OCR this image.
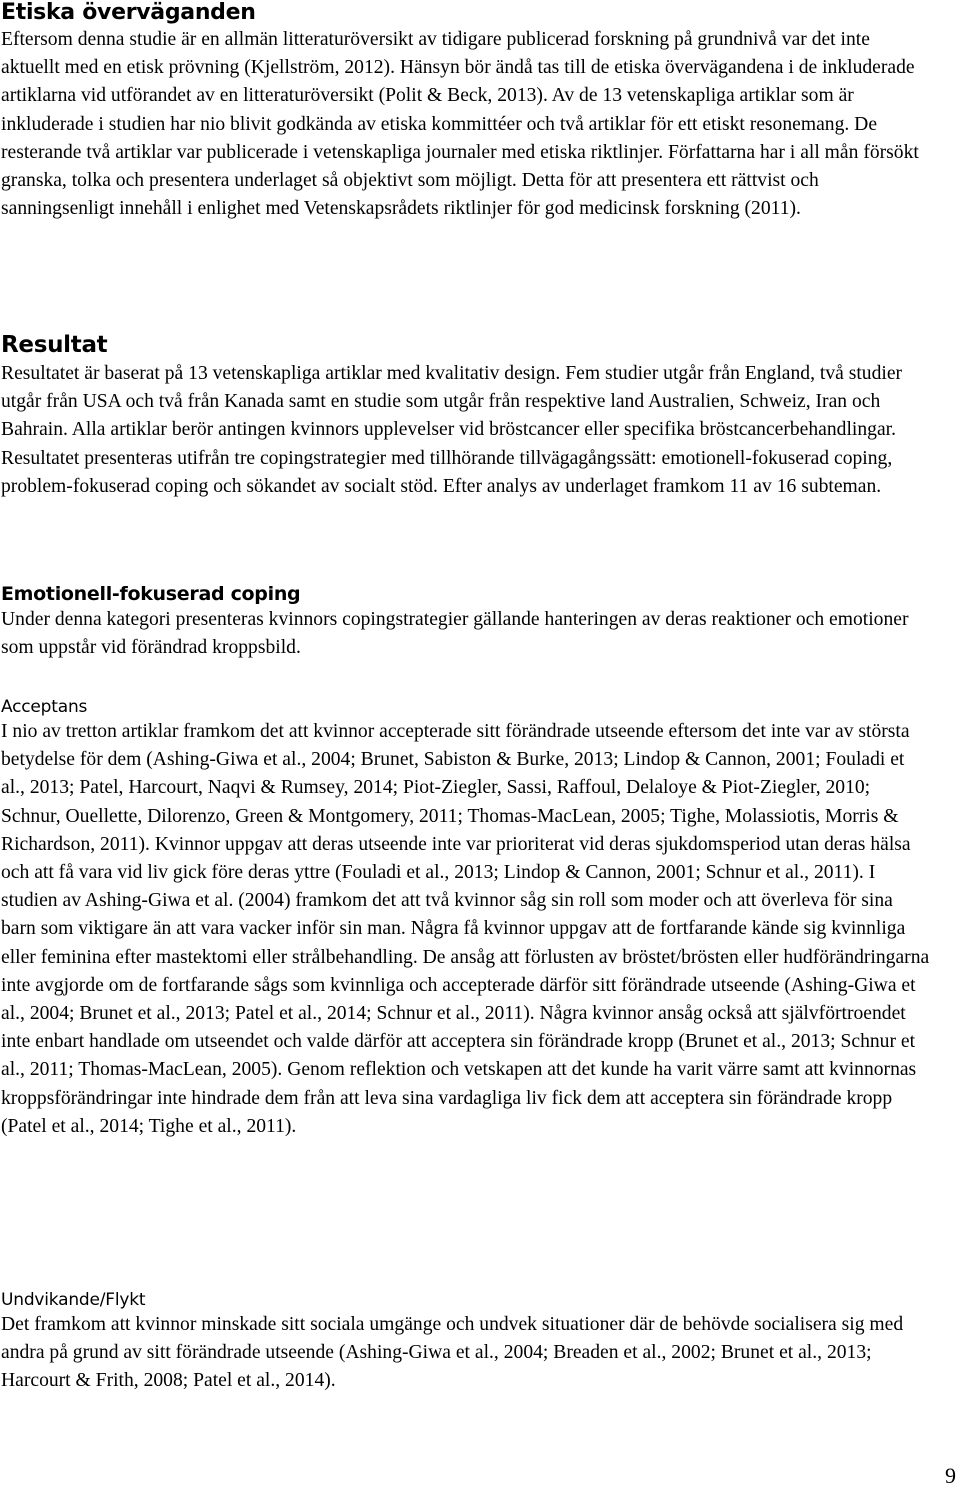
Etiska överväganden

Eftersom denna studie är en allmän litteraturöversikt av tidigare publicerad forskning på grundnivå var det inte aktuellt med en etisk prövning (Kjellström, 2012). Hänsyn bör ändå tas till de etiska övervägandena i de inkluderade artiklarna vid utförandet av en litteraturöversikt (Polit & Beck, 2013). Av de 13 vetenskapliga artiklar som är inkluderade i studien har nio blivit godkända av etiska kommittéer och två artiklar för ett etiskt resonemang. De resterande två artiklar var publicerade i vetenskapliga journaler med etiska riktlinjer. Författarna har i all mån försökt granska, tolka och presentera underlaget så objektivt som möjligt. Detta för att presentera ett rättvist och sanningsenligt innehåll i enlighet med Vetenskapsrådets riktlinjer för god medicinsk forskning (2011).

Resultat

Resultatet är baserat på 13 vetenskapliga artiklar med kvalitativ design. Fem studier utgår från England, två studier utgår från USA och två från Kanada samt en studie som utgår från respektive land Australien, Schweiz, Iran och Bahrain. Alla artiklar berör antingen kvinnors upplevelser vid bröstcancer eller specifika bröstcancerbehandlingar. Resultatet presenteras utifrån tre copingstrategier med tillhörande tillvägagångssätt: emotionell-fokuserad coping, problem-fokuserad coping och sökandet av socialt stöd. Efter analys av underlaget framkom 11 av 16 subteman.

Emotionell-fokuserad coping

Under denna kategori presenteras kvinnors copingstrategier gällande hanteringen av deras reaktioner och emotioner som uppstår vid förändrad kroppsbild.

Acceptans

I nio av tretton artiklar framkom det att kvinnor accepterade sitt förändrade utseende eftersom det inte var av största betydelse för dem (Ashing-Giwa et al., 2004; Brunet, Sabiston & Burke, 2013; Lindop & Cannon, 2001; Fouladi et al., 2013; Patel, Harcourt, Naqvi & Rumsey, 2014; Piot-Ziegler, Sassi, Raffoul, Delaloye & Piot-Ziegler, 2010; Schnur, Ouellette, Dilorenzo, Green & Montgomery, 2011; Thomas-MacLean, 2005; Tighe, Molassiotis, Morris & Richardson, 2011). Kvinnor uppgav att deras utseende inte var prioriterat vid deras sjukdomsperiod utan deras hälsa och att få vara vid liv gick före deras yttre (Fouladi et al., 2013; Lindop & Cannon, 2001; Schnur et al., 2011). I studien av Ashing-Giwa et al. (2004) framkom det att två kvinnor såg sin roll som moder och att överleva för sina barn som viktigare än att vara vacker inför sin man. Några få kvinnor uppgav att de fortfarande kände sig kvinnliga eller feminina efter mastektomi eller strålbehandling. De ansåg att förlusten av bröstet/brösten eller hudförändringarna inte avgjorde om de fortfarande sågs som kvinnliga och accepterade därför sitt förändrade utseende (Ashing-Giwa et al., 2004; Brunet et al., 2013; Patel et al., 2014; Schnur et al., 2011). Några kvinnor ansåg också att självförtroendet inte enbart handlade om utseendet och valde därför att acceptera sin förändrade kropp (Brunet et al., 2013; Schnur et al., 2011; Thomas-MacLean, 2005). Genom reflektion och vetskapen att det kunde ha varit värre samt att kvinnornas kroppsförändringar inte hindrade dem från att leva sina vardagliga liv fick dem att acceptera sin förändrade kropp (Patel et al., 2014; Tighe et al., 2011).

Undvikande/Flykt

Det framkom att kvinnor minskade sitt sociala umgänge och undvek situationer där de behövde socialisera sig med andra på grund av sitt förändrade utseende (Ashing-Giwa et al., 2004; Breaden et al., 2002; Brunet et al., 2013; Harcourt & Frith, 2008; Patel et al., 2014).

9
